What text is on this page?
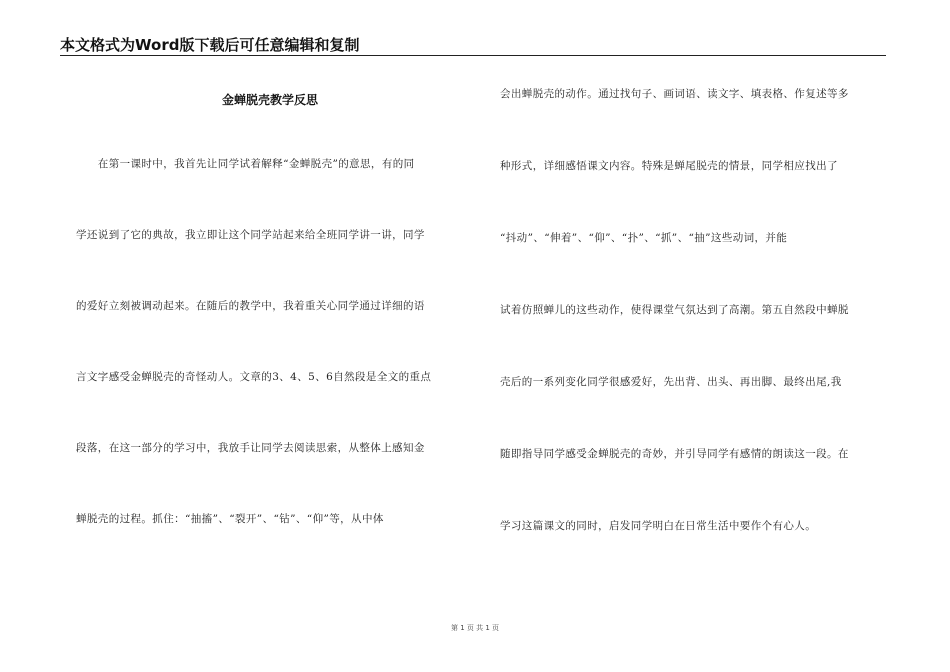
本文格式为Word版下载后可任意编辑和复制
金蝉脱壳教学反思
　　在第一课时中，我首先让同学试着解释“金蝉脱壳”的意思，有的同
学还说到了它的典故，我立即让这个同学站起来给全班同学讲一讲，同学
的爱好立刻被调动起来。在随后的教学中，我着重关心同学通过详细的语
言文字感受金蝉脱壳的奇怪动人。文章的3、4、5、6自然段是全文的重点
段落，在这一部分的学习中，我放手让同学去阅读思索，从整体上感知金
蝉脱壳的过程。抓住：“抽搐”、“裂开”、“钻”、“仰”等，从中体
会出蝉脱壳的动作。通过找句子、画词语、读文字、填表格、作复述等多
种形式，详细感悟课文内容。特殊是蝉尾脱壳的情景，同学相应找出了
“抖动”、“伸着”、“仰”、“扑”、“抓”、“抽”这些动词，并能
试着仿照蝉儿的这些动作，使得课堂气氛达到了高潮。第五自然段中蝉脱
壳后的一系列变化同学很感爱好，先出背、出头、再出脚、最终出尾,我
随即指导同学感受金蝉脱壳的奇妙，并引导同学有感情的朗读这一段。在
学习这篇课文的同时，启发同学明白在日常生活中要作个有心人。
第 1 页 共 1 页
